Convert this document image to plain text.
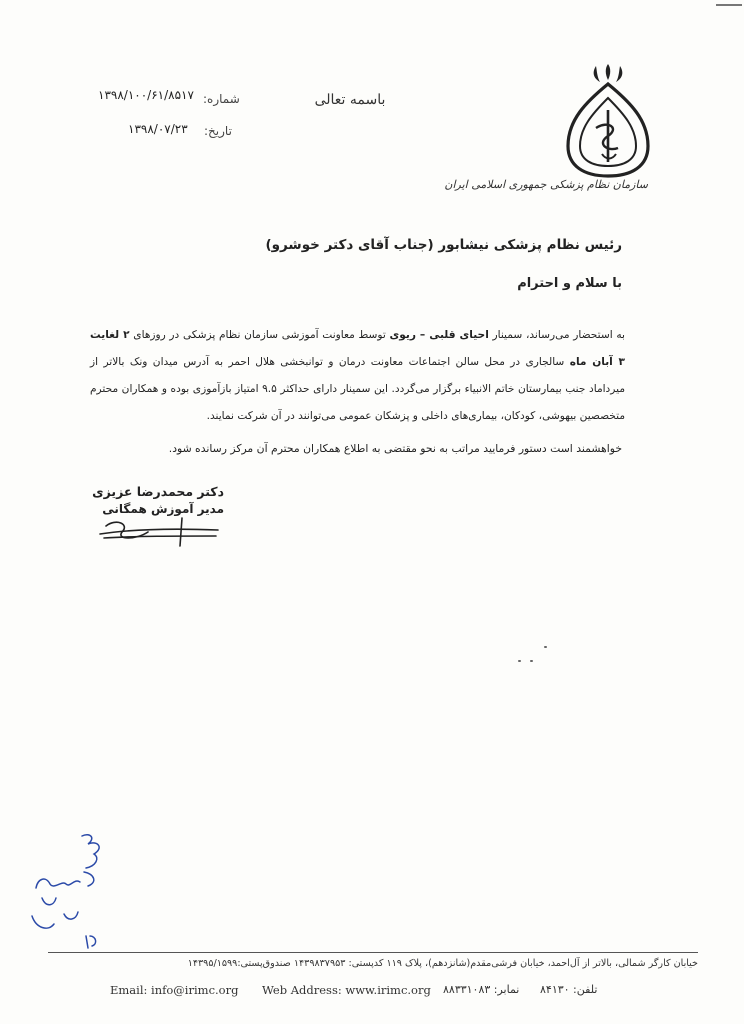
سازمان نظام پزشکی جمهوری اسلامی ایران
باسمه تعالی
شماره:
۱۳۹۸/۱۰۰/۶۱/۸۵۱۷
تاریخ:
۱۳۹۸/۰۷/۲۳
رئیس نظام پزشکی نیشابور (جناب آقای دکتر خوشرو)
با سلام و احترام
به استحضار می‌رساند، سمینار احیای قلبی – ریوی توسط معاونت آموزشی سازمان نظام پزشکی در روزهای ۲ لغایت ۳ آبان ماه سالجاری در محل سالن اجتماعات معاونت درمان و توانبخشی هلال احمر به آدرس میدان ونک بالاتر از میرداماد جنب بیمارستان خاتم الانبیاء برگزار می‌گردد. این سمینار دارای حداکثر ۹.۵ امتیاز بازآموزی بوده و همکاران محترم متخصصین بیهوشی، کودکان، بیماری‌های داخلی و پزشکان عمومی می‌توانند در آن شرکت نمایند.
خواهشمند است دستور فرمایید مراتب به نحو مقتضی به اطلاع همکاران محترم آن مرکز رسانده شود.
دکتر محمدرضا عزیزی
مدیر آموزش همگانی
خیابان کارگر شمالی، بالاتر از آل‌احمد، خیابان فرشی‌مقدم(شانزدهم)، پلاک ۱۱۹ کدپستی: ۱۴۳۹۸۳۷۹۵۳ صندوق‌پستی:۱۴۳۹۵/۱۵۹۹
Email: info@irimc.org Web Address: www.irimc.org نمابر: ۸۸۳۳۱۰۸۳ تلفن: ۸۴۱۳۰
